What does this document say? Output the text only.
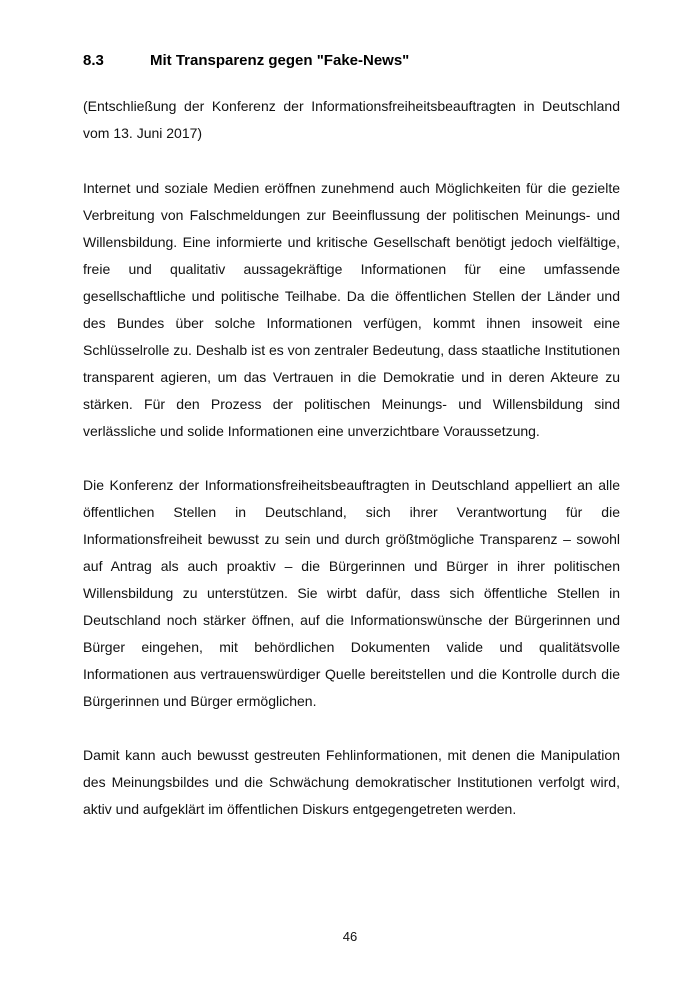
8.3	Mit Transparenz gegen "Fake-News"

(Entschließung der Konferenz der Informationsfreiheitsbeauftragten in Deutschland vom 13. Juni 2017)

Internet und soziale Medien eröffnen zunehmend auch Möglichkeiten für die gezielte Verbreitung von Falschmeldungen zur Beeinflussung der politischen Meinungs- und Willensbildung. Eine informierte und kritische Gesellschaft benötigt jedoch vielfältige, freie und qualitativ aussagekräftige Informationen für eine umfassende gesellschaftliche und politische Teilhabe. Da die öffentlichen Stellen der Länder und des Bundes über solche Informationen verfügen, kommt ihnen insoweit eine Schlüsselrolle zu. Deshalb ist es von zentraler Bedeutung, dass staatliche Institutionen transparent agieren, um das Vertrauen in die Demokratie und in deren Akteure zu stärken. Für den Prozess der politischen Meinungs- und Willensbildung sind verlässliche und solide Informationen eine unverzichtbare Voraussetzung.

Die Konferenz der Informationsfreiheitsbeauftragten in Deutschland appelliert an alle öffentlichen Stellen in Deutschland, sich ihrer Verantwortung für die Informationsfreiheit bewusst zu sein und durch größtmögliche Transparenz – sowohl auf Antrag als auch proaktiv – die Bürgerinnen und Bürger in ihrer politischen Willensbildung zu unterstützen. Sie wirbt dafür, dass sich öffentliche Stellen in Deutschland noch stärker öffnen, auf die Informationswünsche der Bürgerinnen und Bürger eingehen, mit behördlichen Dokumenten valide und qualitätsvolle Informationen aus vertrauenswürdiger Quelle bereitstellen und die Kontrolle durch die Bürgerinnen und Bürger ermöglichen.

Damit kann auch bewusst gestreuten Fehlinformationen, mit denen die Manipulation des Meinungsbildes und die Schwächung demokratischer Institutionen verfolgt wird, aktiv und aufgeklärt im öffentlichen Diskurs entgegengetreten werden.

46
